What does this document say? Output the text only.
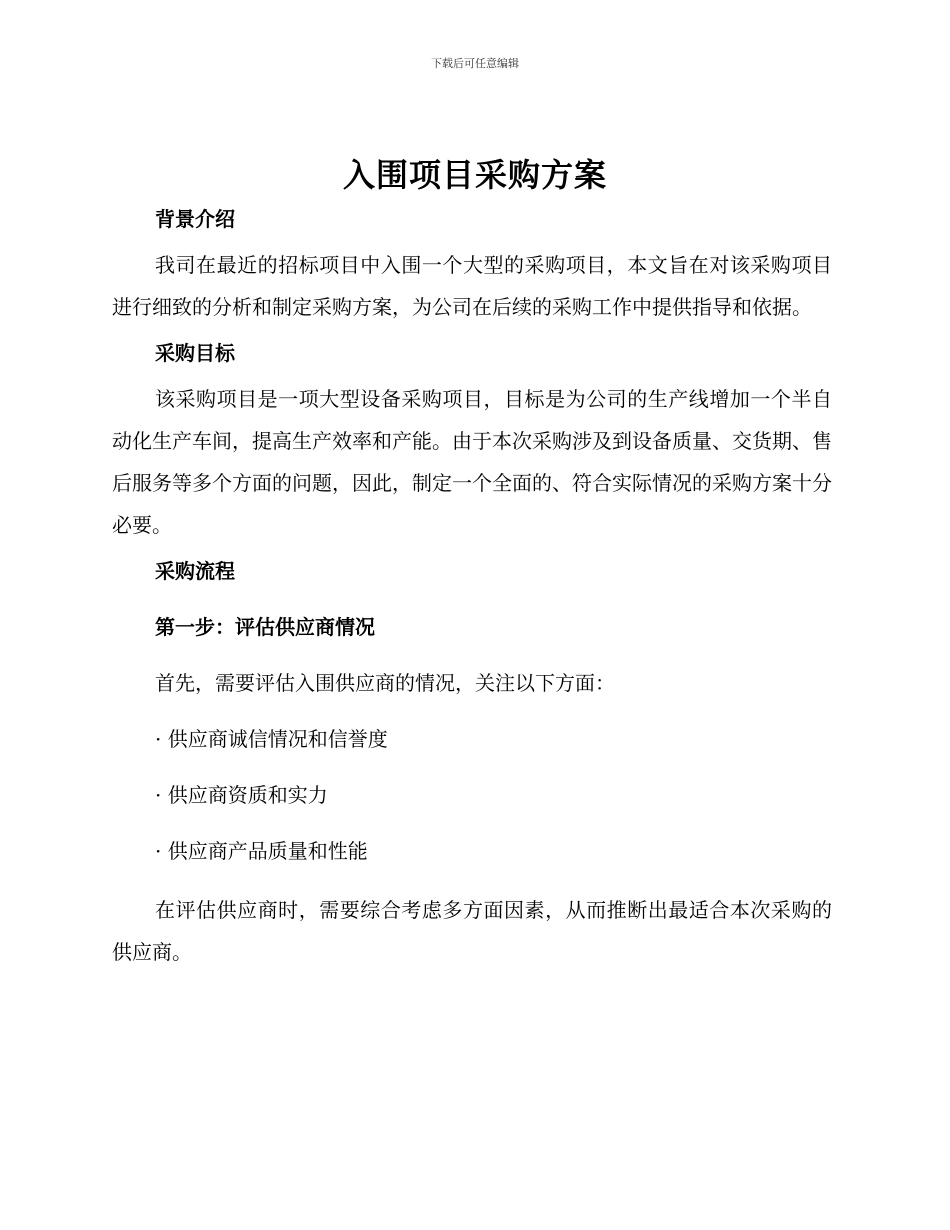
下载后可任意编辑
入围项目采购方案
背景介绍
我司在最近的招标项目中入围一个大型的采购项目，本文旨在对该采购项目进行细致的分析和制定采购方案，为公司在后续的采购工作中提供指导和依据。
采购目标
该采购项目是一项大型设备采购项目，目标是为公司的生产线增加一个半自动化生产车间，提高生产效率和产能。由于本次采购涉及到设备质量、交货期、售后服务等多个方面的问题，因此，制定一个全面的、符合实际情况的采购方案十分必要。
采购流程
第一步：评估供应商情况
首先，需要评估入围供应商的情况，关注以下方面：
· 供应商诚信情况和信誉度
· 供应商资质和实力
· 供应商产品质量和性能
在评估供应商时，需要综合考虑多方面因素，从而推断出最适合本次采购的供应商。
